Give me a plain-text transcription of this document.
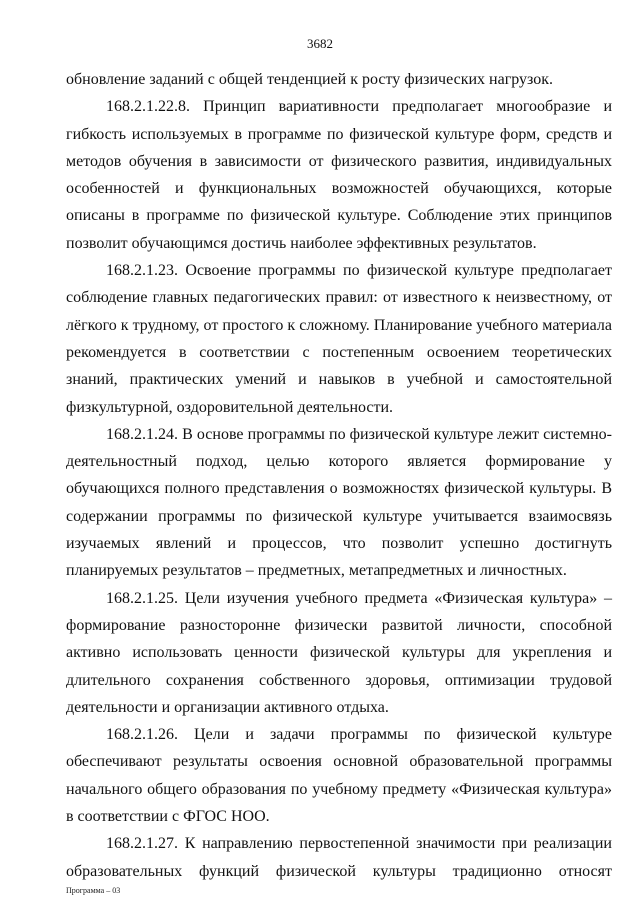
3682

обновление заданий с общей тенденцией к росту физических нагрузок.

168.2.1.22.8. Принцип вариативности предполагает многообразие и гибкость используемых в программе по физической культуре форм, средств и методов обучения в зависимости от физического развития, индивидуальных особенностей и функциональных возможностей обучающихся, которые описаны в программе по физической культуре. Соблюдение этих принципов позволит обучающимся достичь наиболее эффективных результатов.

168.2.1.23. Освоение программы по физической культуре предполагает соблюдение главных педагогических правил: от известного к неизвестному, от лёгкого к трудному, от простого к сложному. Планирование учебного материала рекомендуется в соответствии с постепенным освоением теоретических знаний, практических умений и навыков в учебной и самостоятельной физкультурной, оздоровительной деятельности.

168.2.1.24. В основе программы по физической культуре лежит системно-деятельностный подход, целью которого является формирование у обучающихся полного представления о возможностях физической культуры. В содержании программы по физической культуре учитывается взаимосвязь изучаемых явлений и процессов, что позволит успешно достигнуть планируемых результатов – предметных, метапредметных и личностных.

168.2.1.25. Цели изучения учебного предмета «Физическая культура» – формирование разносторонне физически развитой личности, способной активно использовать ценности физической культуры для укрепления и длительного сохранения собственного здоровья, оптимизации трудовой деятельности и организации активного отдыха.

168.2.1.26. Цели и задачи программы по физической культуре обеспечивают результаты освоения основной образовательной программы начального общего образования по учебному предмету «Физическая культура» в соответствии с ФГОС НОО.

168.2.1.27. К направлению первостепенной значимости при реализации образовательных функций физической культуры традиционно относят

Программа – 03
